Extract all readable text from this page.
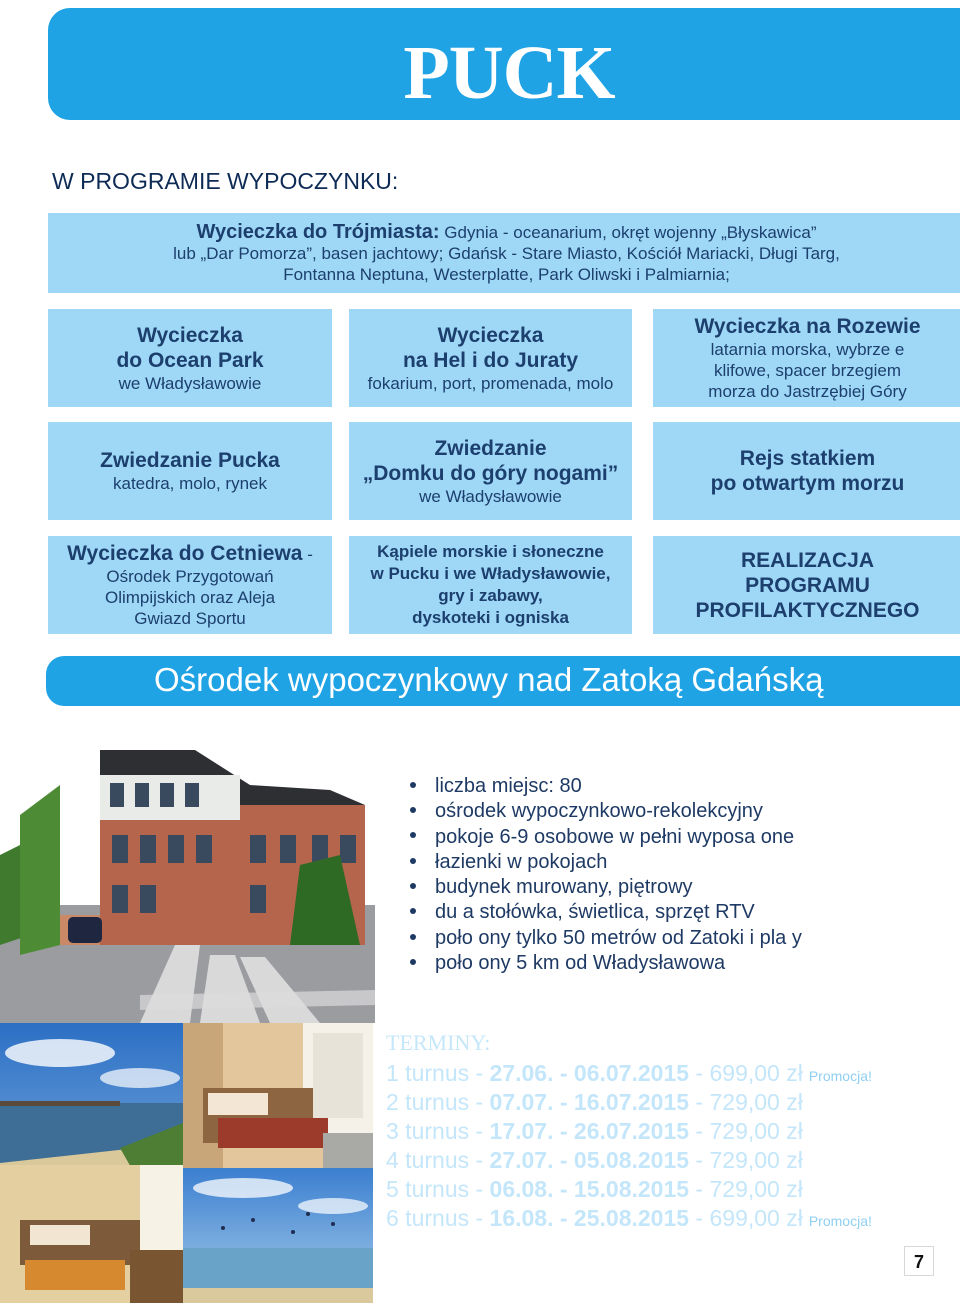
PUCK
W PROGRAMIE WYPOCZYNKU:
Wycieczka do Trójmiasta: Gdynia - oceanarium, okręt wojenny „Błyskawica”
lub „Dar Pomorza”, basen jachtowy; Gdańsk - Stare Miasto, Kościół Mariacki, Długi Targ,
Fontanna Neptuna, Westerplatte, Park Oliwski i Palmiarnia;
Wycieczka
do Ocean Park
we Władysławowie
Wycieczka
na Hel i do Juraty
fokarium, port, promenada, molo
Wycieczka na Rozewie
latarnia morska, wybrze e
klifowe, spacer brzegiem
morza do Jastrzębiej Góry
Zwiedzanie Pucka
katedra, molo, rynek
Zwiedzanie
„Domku do góry nogami”
we Władysławowie
Rejs statkiem
po otwartym morzu
Wycieczka do Cetniewa -
Ośrodek Przygotowań
Olimpijskich oraz Aleja
Gwiazd Sportu
Kąpiele morskie i słoneczne
w Pucku i we Władysławowie,
gry i zabawy,
dyskoteki i ogniska
REALIZACJA
PROGRAMU
PROFILAKTYCZNEGO
Ośrodek wypoczynkowy nad Zatoką Gdańską
liczba miejsc: 80
ośrodek wypoczynkowo-rekolekcyjny
pokoje 6-9 osobowe w pełni wyposa one
łazienki w pokojach
budynek murowany, piętrowy
du a stołówka, świetlica, sprzęt RTV
poło ony tylko 50 metrów od Zatoki i pla y
poło ony 5 km od Władysławowa
TERMINY:
1 turnus - 27.06. - 06.07.2015 - 699,00 zł Promocja!
2 turnus - 07.07. - 16.07.2015 - 729,00 zł
3 turnus - 17.07. - 26.07.2015 - 729,00 zł
4 turnus - 27.07. - 05.08.2015 - 729,00 zł
5 turnus - 06.08. - 15.08.2015 - 729,00 zł
6 turnus - 16.08. - 25.08.2015 - 699,00 zł Promocja!
7
